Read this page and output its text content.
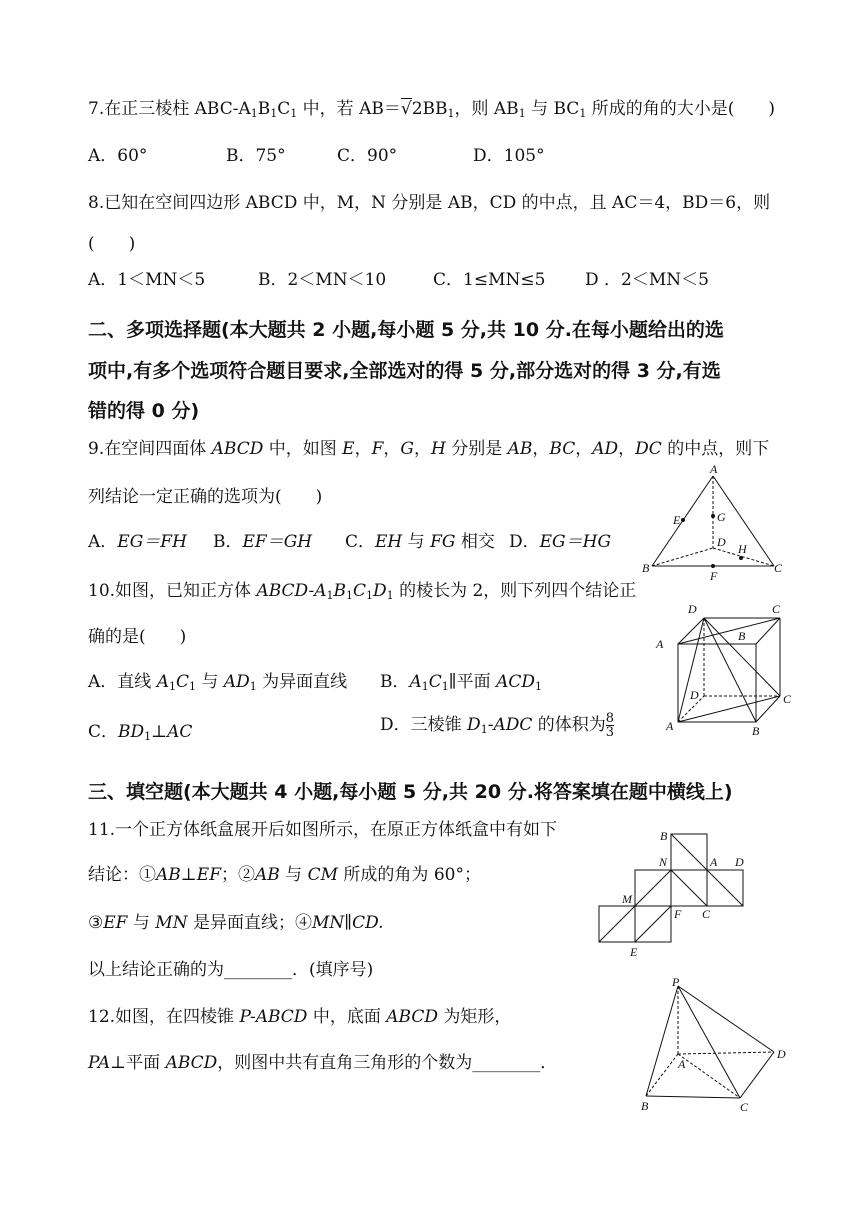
7.在正三棱柱 ABC-$A_1B_1C_1$ 中，若 $AB=√2BB_1$，则 $AB_1$ 与 $BC_1$ 所成的角的大小是(　　)
A．60°	B．75°	C．90°	D．105°
8.已知在空间四边形 ABCD 中，M，N 分别是 AB，CD 的中点，且 AC＝4，BD＝6，则
(　　)
A．1＜MN＜5	B．2＜MN＜10	C．1≤MN≤5 D ．2＜MN＜5
二、多项选择题(本大题共 2 小题,每小题 5 分,共 10 分.在每小题给出的选
项中,有多个选项符合题目要求,全部选对的得 5 分,部分选对的得 3 分,有选
错的得 0 分)
9.在空间四面体 ABCD 中，如图 E，F，G，H 分别是 AB，BC，AD，DC 的中点，则下
列结论一定正确的选项为(　　)
A．EG＝FH B．EF＝GH C．EH 与 FG 相交 D．EG＝HG
A
E	G
D H
B
F
C
10.如图，已知正方体 ABCD-$A_1B_1C_1D_1$ 的棱长为 2，则下列四个结论正
确的是(　　)
A．直线 $A_1C_1$ 与 $AD_1$ 为异面直线 B．$A_1C_1\parallel$平面 $ACD_1$
C．$BD_1\perp AC$	D．三棱锥 $D_1$-ADC 的体积为 $\frac{8}{3}$
D	C
A
B
D	C
A	B
三、填空题(本大题共 4 小题,每小题 5 分,共 20 分.将答案填在题中横线上)
11.一个正方体纸盒展开后如图所示，在原正方体纸盒中有如下
结论：①AB⊥EF；②AB 与 CM 所成的角为 60°；
③EF 与 MN 是异面直线；④MN∥CD.
以上结论正确的为________．(填序号)
B
N	A D
M
F C
E
12.如图，在四棱锥 P-ABCD 中，底面 ABCD 为矩形，
PA⊥平面 ABCD，则图中共有直角三角形的个数为________．
P
A
D
B	C
